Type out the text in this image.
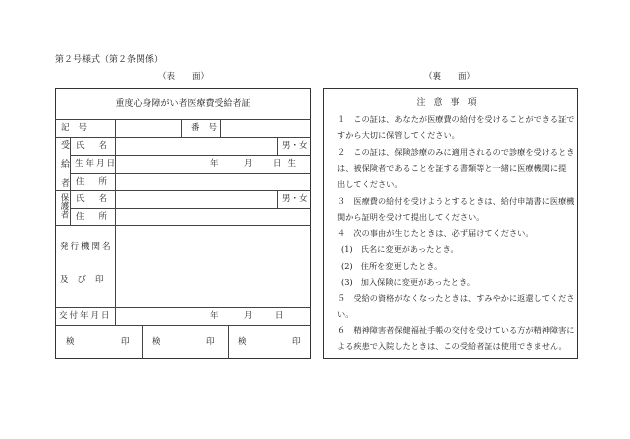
第２号様式（第２条関係）
（表　　面）	（裏　　面）
重度心身障がい者医療費受給者証
記号	番号
受給者 氏名	男・女
生年月日	年	月 日生
住所
保護者 氏名	男・女
住所
発行機関名
及び印
交付年月日	年	月	日
検	印	検	印	検	印
注意事項
１　この証は、あなたが医療費の給付を受けることができる証で
すから大切に保管してください。
２　この証は、保険診療のみに適用されるので診療を受けるとき
は、被保険者であることを証する書類等と一緒に医療機関に提
出してください。
３　医療費の給付を受けようとするときは、給付申請書に医療機
関から証明を受けて提出してください。
４　次の事由が生じたときは、必ず届けてください。
(1)　氏名に変更があったとき。
(2)　住所を変更したとき。
(3)　加入保険に変更があったとき。
５　受給の資格がなくなったときは、すみやかに返還してくださ
い。
６　精神障害者保健福祉手帳の交付を受けている方が精神障害に
よる疾患で入院したときは、この受給者証は使用できません。
